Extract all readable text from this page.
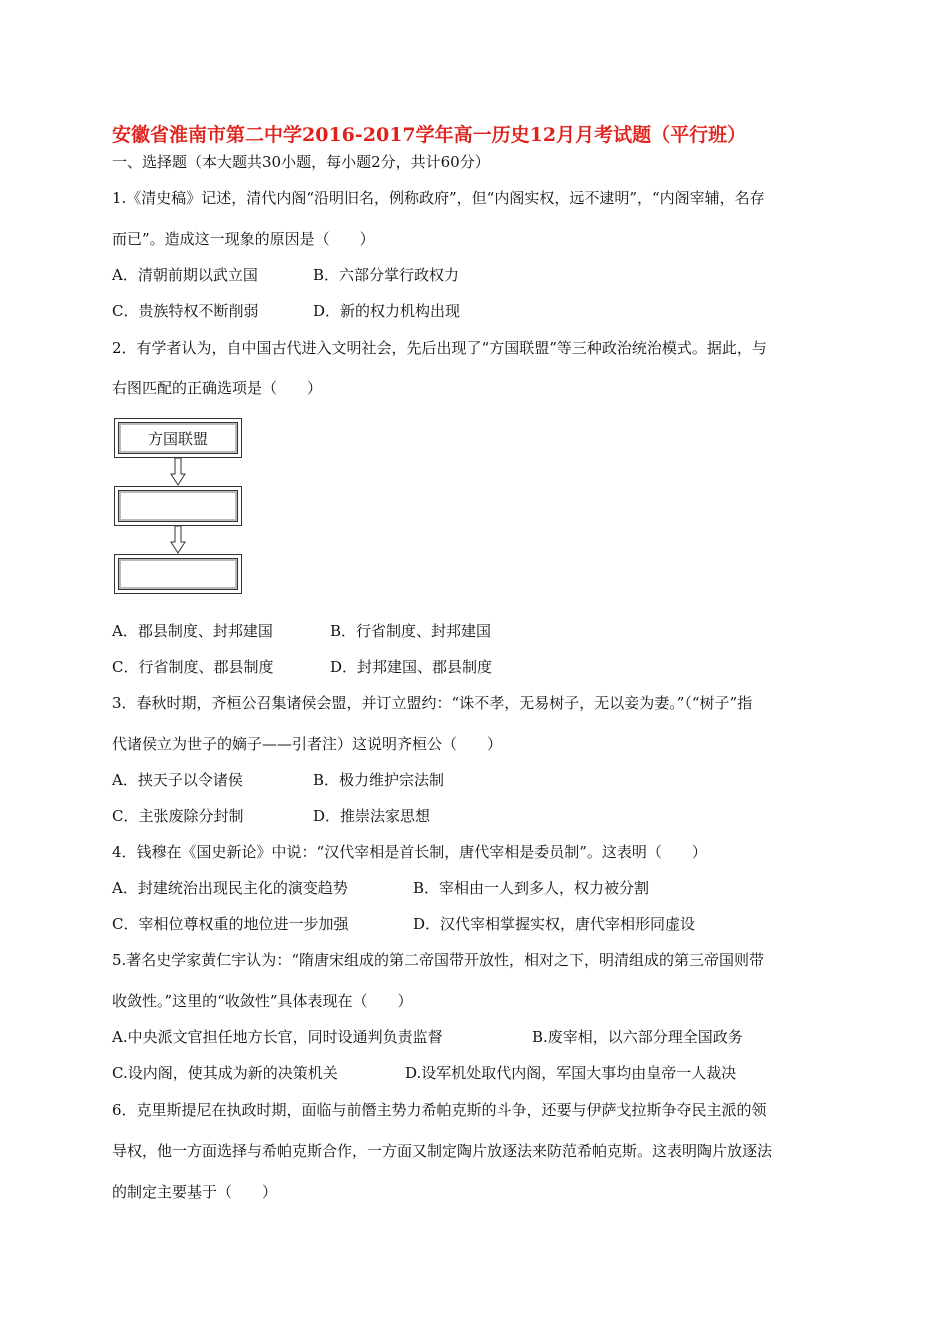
安徽省淮南市第二中学2016-2017学年高一历史12月月考试题（平行班）
一、选择题（本大题共30小题，每小题2分，共计60分）
1.《清史稿》记述，清代内阁“沿明旧名，例称政府”，但“内阁实权，远不逮明”，“内阁宰辅，名存
而已”。造成这一现象的原因是（　　）
A．清朝前期以武立国	B．六部分掌行政权力
C．贵族特权不断削弱	D．新的权力机构出现
2．有学者认为，自中国古代进入文明社会，先后出现了“方国联盟”等三种政治统治模式。据此，与
右图匹配的正确选项是（　　）
方国联盟
A．郡县制度、封邦建国	B．行省制度、封邦建国
C．行省制度、郡县制度	D．封邦建国、郡县制度
3．春秋时期，齐桓公召集诸侯会盟，并订立盟约：“诛不孝，无易树子，无以妾为妻。”（“树子”指
代诸侯立为世子的嫡子——引者注）这说明齐桓公（　　）
A．挟天子以令诸侯	B．极力维护宗法制
C．主张废除分封制	D．推崇法家思想
4．钱穆在《国史新论》中说：“汉代宰相是首长制，唐代宰相是委员制”。这表明（　　）
A．封建统治出现民主化的演变趋势	B．宰相由一人到多人，权力被分割
C．宰相位尊权重的地位进一步加强	D．汉代宰相掌握实权，唐代宰相形同虚设
5.著名史学家黄仁宇认为：“隋唐宋组成的第二帝国带开放性，相对之下，明清组成的第三帝国则带
收敛性。”这里的“收敛性”具体表现在（　　）
A.中央派文官担任地方长官，同时设通判负责监督	B.废宰相，以六部分理全国政务
C.设内阁，使其成为新的决策机关	D.设军机处取代内阁，军国大事均由皇帝一人裁决
6．克里斯提尼在执政时期，面临与前僭主势力希帕克斯的斗争，还要与伊萨戈拉斯争夺民主派的领
导权，他一方面选择与希帕克斯合作，一方面又制定陶片放逐法来防范希帕克斯。这表明陶片放逐法
的制定主要基于（　　）
